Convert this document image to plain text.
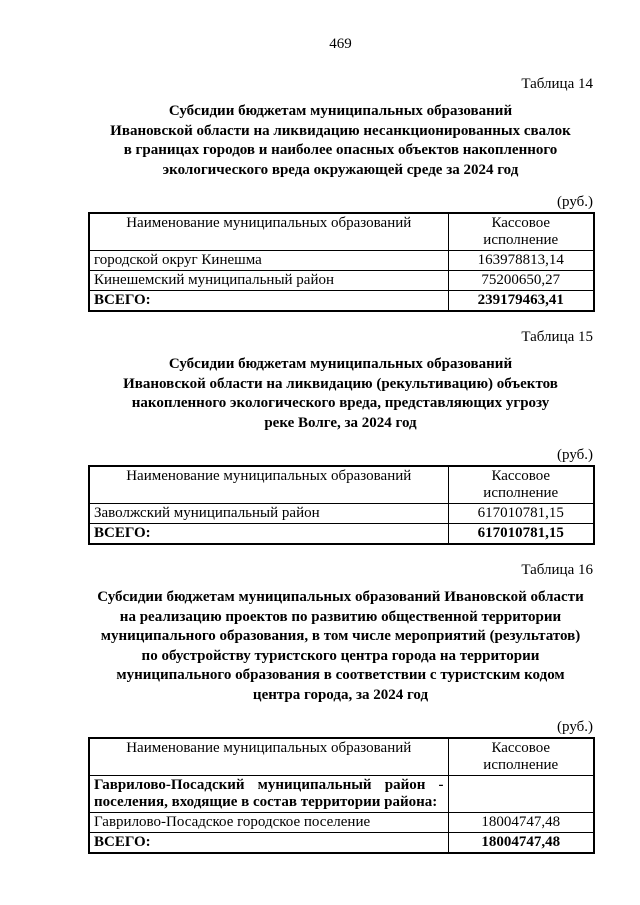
469
Таблица 14
Субсидии бюджетам муниципальных образований
Ивановской области на ликвидацию несанкционированных свалок
в границах городов и наиболее опасных объектов накопленного
экологического вреда окружающей среде за 2024 год
(руб.)
Наименование муниципальных образований	Кассовое
исполнение

городской округ Кинешма	163978813,14
Кинешемский муниципальный район	75200650,27
ВСЕГО:	239179463,41
Таблица 15
Субсидии бюджетам муниципальных образований
Ивановской области на ликвидацию (рекультивацию) объектов
накопленного экологического вреда, представляющих угрозу
реке Волге, за 2024 год
(руб.)
Наименование муниципальных образований	Кассовое
исполнение

Заволжский муниципальный район	617010781,15
ВСЕГО:	617010781,15
Таблица 16
Субсидии бюджетам муниципальных образований Ивановской области
на реализацию проектов по развитию общественной территории
муниципального образования, в том числе мероприятий (результатов)
по обустройству туристского центра города на территории
муниципального образования в соответствии с туристским кодом
центра города, за 2024 год
(руб.)
Наименование муниципальных образований	Кассовое
исполнение

Гаврилово-Посадский муниципальный район - поселения, входящие в состав территории района:	
Гаврилово-Посадское городское поселение	18004747,48
ВСЕГО:	18004747,48
